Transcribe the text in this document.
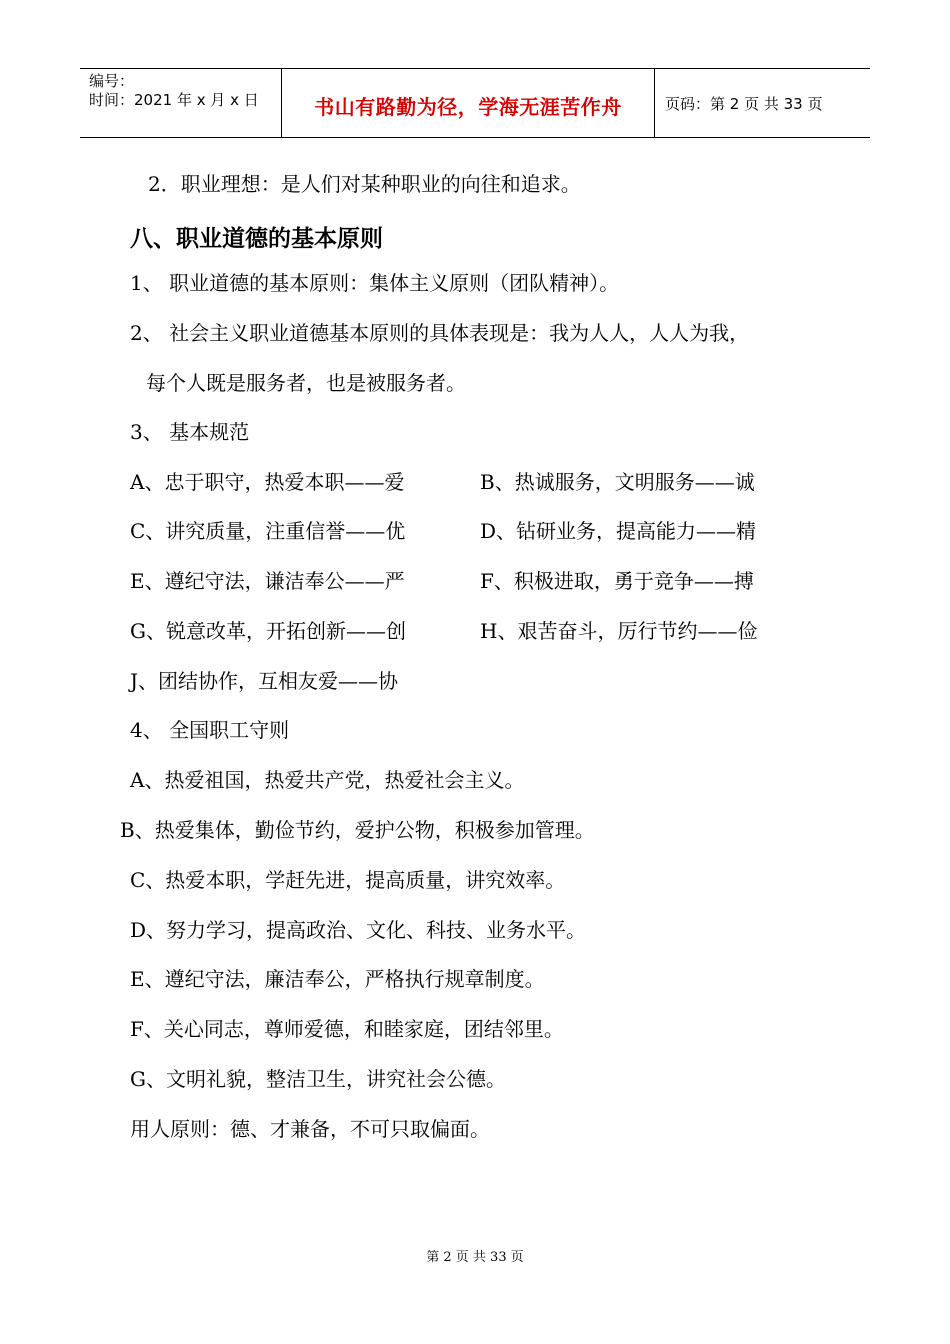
编号：
时间：2021 年 x 月 x 日	书山有路勤为径，学海无涯苦作舟	页码：第 2 页 共 33 页
2．职业理想：是人们对某种职业的向往和追求。
八、职业道德的基本原则
1、 职业道德的基本原则：集体主义原则（团队精神）。
2、 社会主义职业道德基本原则的具体表现是：我为人人，人人为我，
每个人既是服务者，也是被服务者。
3、 基本规范
A、忠于职守，热爱本职——爱	B、热诚服务，文明服务——诚
C、讲究质量，注重信誉——优	D、钻研业务，提高能力——精
E、遵纪守法，谦洁奉公——严	F、积极进取，勇于竞争——搏
G、锐意改革，开拓创新——创	H、艰苦奋斗，厉行节约——俭
J、团结协作，互相友爱——协
4、 全国职工守则
A、热爱祖国，热爱共产党，热爱社会主义。
B、热爱集体，勤俭节约，爱护公物，积极参加管理。
C、热爱本职，学赶先进，提高质量，讲究效率。
D、努力学习，提高政治、文化、科技、业务水平。
E、遵纪守法，廉洁奉公，严格执行规章制度。
F、关心同志，尊师爱德，和睦家庭，团结邻里。
G、文明礼貌，整洁卫生，讲究社会公德。
用人原则：德、才兼备，不可只取偏面。
第 2 页 共 33 页
